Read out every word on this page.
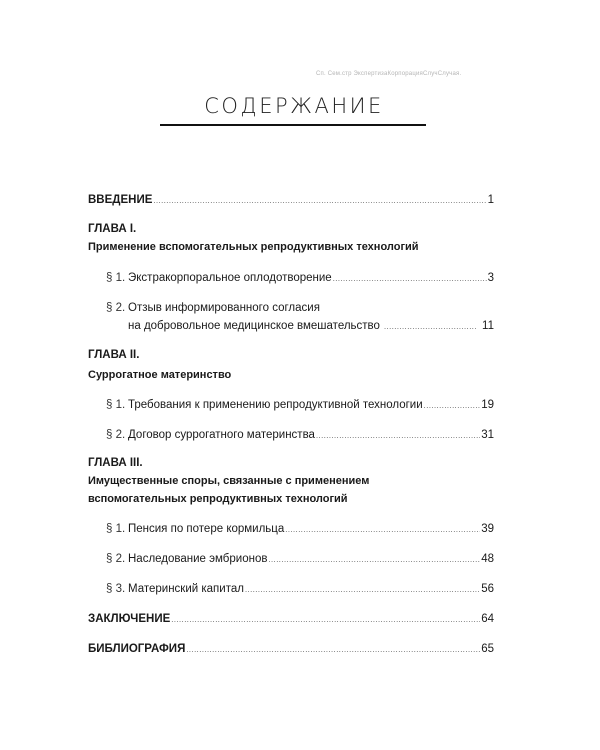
Сп. Сем.стр ЭкспертизаКорпорацияСлучСлучая.
СОДЕРЖАНИЕ
ВВЕДЕНИЕ .....	1
ГЛАВА I.
Применение вспомогательных репродуктивных технологий
§ 1. Экстракорпоральное оплодотворение .....	3
§ 2. Отзыв информированного согласия
на добровольное медицинское вмешательство .....	11
ГЛАВА II.
Суррогатное материнство
§ 1. Требования к применению репродуктивной технологии .....	19
§ 2. Договор суррогатного материнства .....	31
ГЛАВА III.
Имущественные споры, связанные с применением
вспомогательных репродуктивных технологий
§ 1. Пенсия по потере кормильца .....	39
§ 2. Наследование эмбрионов .....	48
§ 3. Материнский капитал .....	56
ЗАКЛЮЧЕНИЕ .....	64
БИБЛИОГРАФИЯ .....	65
